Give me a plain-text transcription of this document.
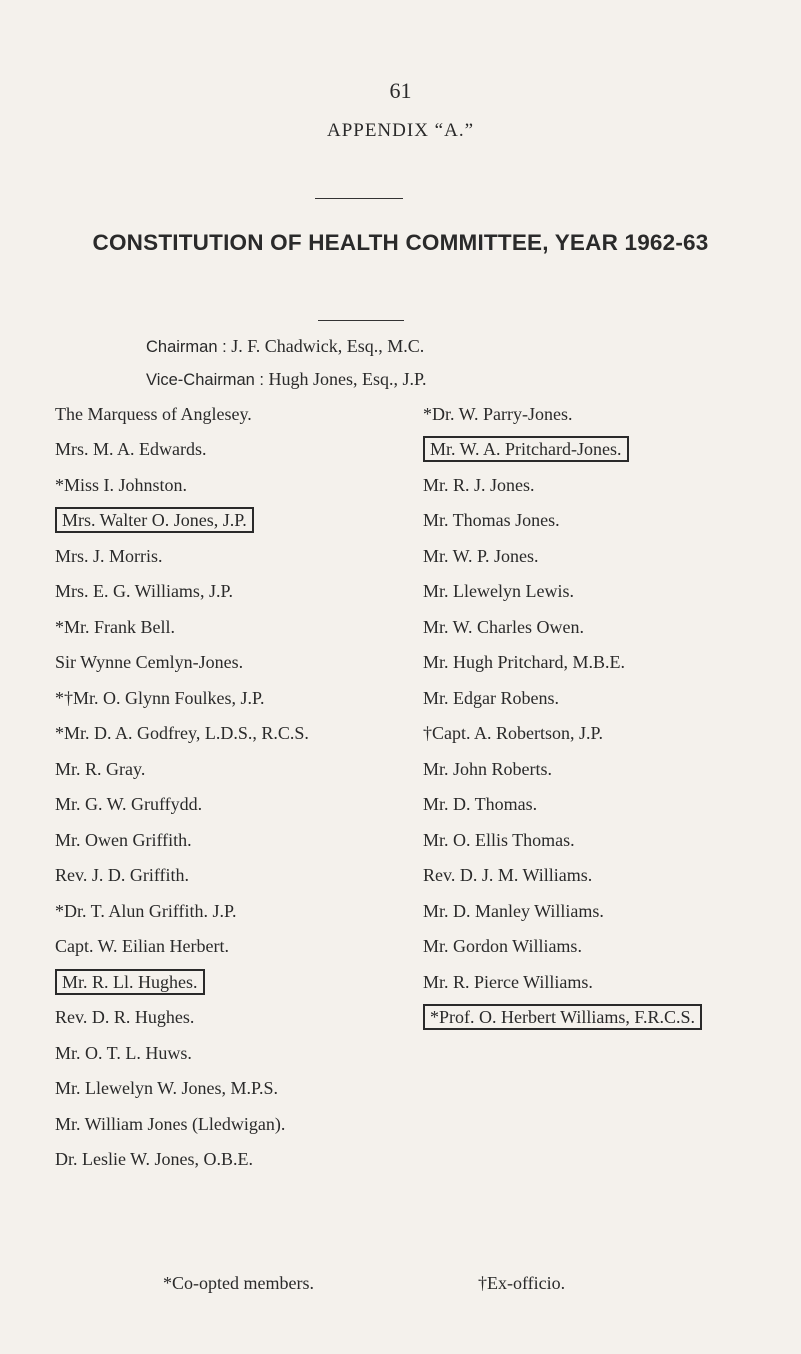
61
APPENDIX “A.”
CONSTITUTION OF HEALTH COMMITTEE, YEAR 1962-63
Chairman : J. F. Chadwick, Esq., M.C.
Vice-Chairman : Hugh Jones, Esq., J.P.
The Marquess of Anglesey.
Mrs. M. A. Edwards.
*Miss I. Johnston.
Mrs. Walter O. Jones, J.P.
Mrs. J. Morris.
Mrs. E. G. Williams, J.P.
*Mr. Frank Bell.
Sir Wynne Cemlyn-Jones.
*†Mr. O. Glynn Foulkes, J.P.
*Mr. D. A. Godfrey, L.D.S., R.C.S.
Mr. R. Gray.
Mr. G. W. Gruffydd.
Mr. Owen Griffith.
Rev. J. D. Griffith.
*Dr. T. Alun Griffith. J.P.
Capt. W. Eilian Herbert.
Mr. R. Ll. Hughes.
Rev. D. R. Hughes.
Mr. O. T. L. Huws.
Mr. Llewelyn W. Jones, M.P.S.
Mr. William Jones (Lledwigan).
Dr. Leslie W. Jones, O.B.E.
*Dr. W. Parry-Jones.
Mr. W. A. Pritchard-Jones.
Mr. R. J. Jones.
Mr. Thomas Jones.
Mr. W. P. Jones.
Mr. Llewelyn Lewis.
Mr. W. Charles Owen.
Mr. Hugh Pritchard, M.B.E.
Mr. Edgar Robens.
†Capt. A. Robertson, J.P.
Mr. John Roberts.
Mr. D. Thomas.
Mr. O. Ellis Thomas.
Rev. D. J. M. Williams.
Mr. D. Manley Williams.
Mr. Gordon Williams.
Mr. R. Pierce Williams.
*Prof. O. Herbert Williams, F.R.C.S.
*Co-opted members.	†Ex-officio.
